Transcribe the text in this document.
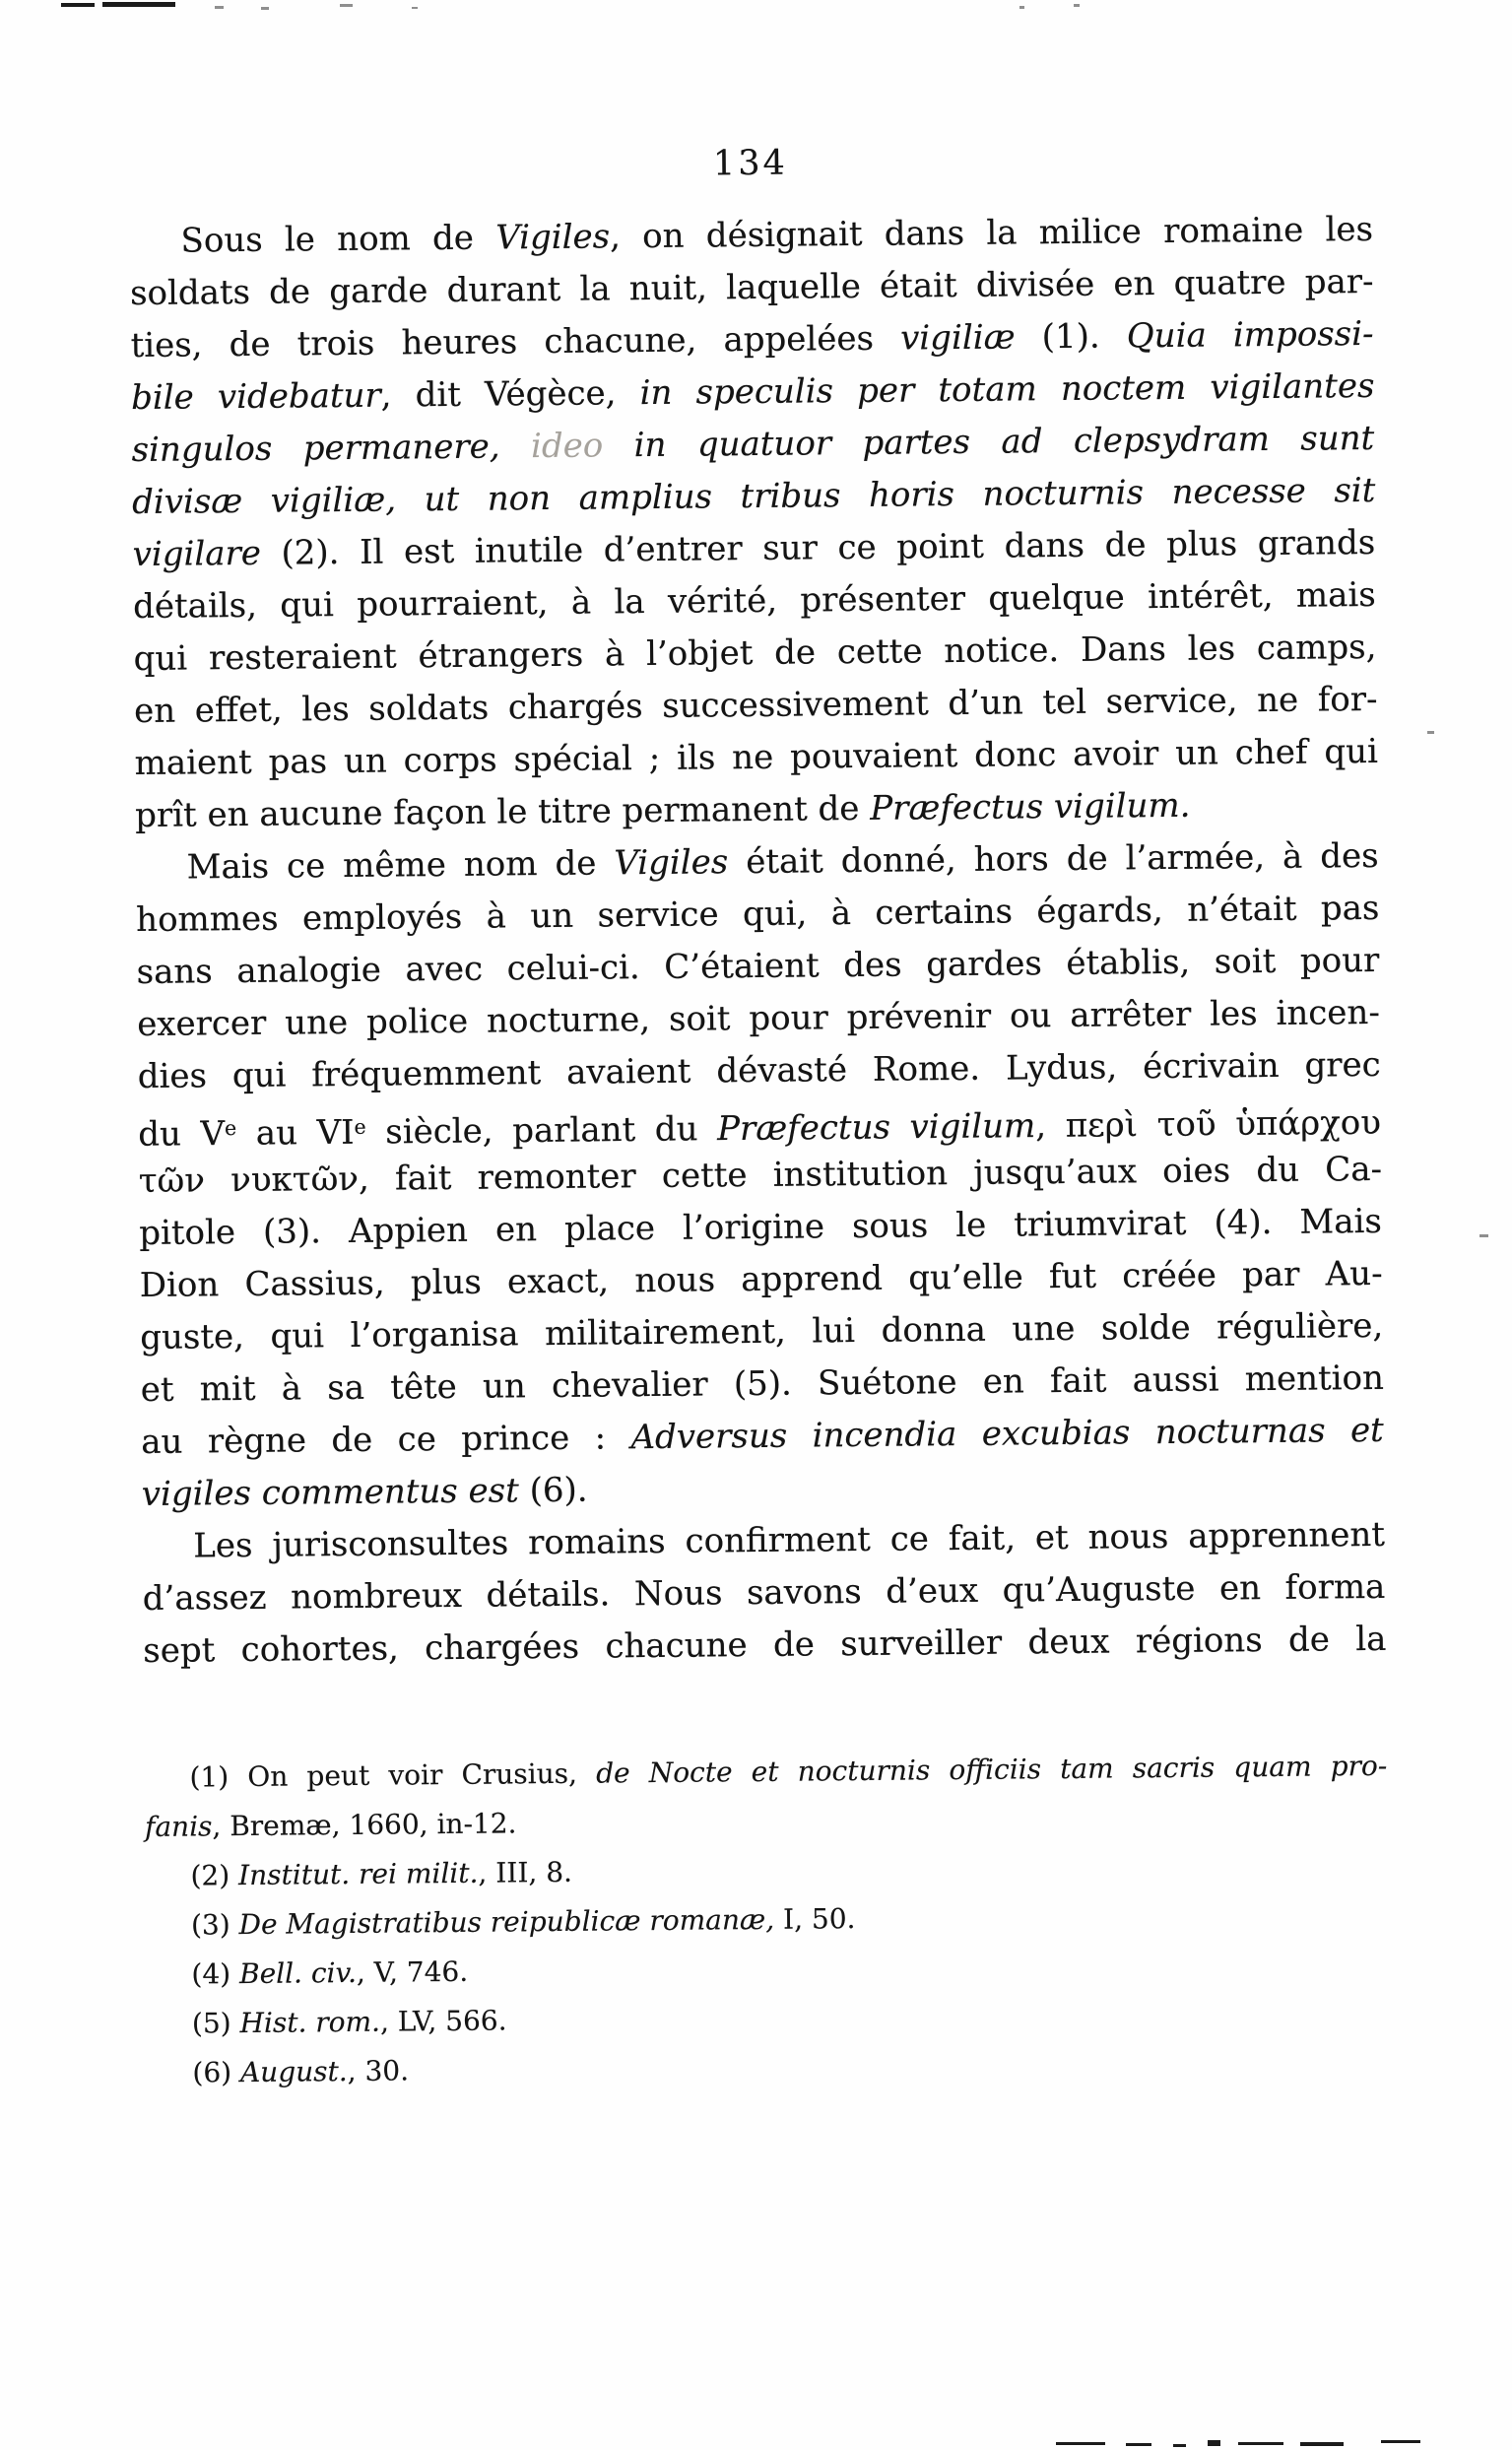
134
Sous le nom de Vigiles, on désignait dans la milice romaine les
soldats de garde durant la nuit, laquelle était divisée en quatre par-
ties, de trois heures chacune, appelées vigiliæ (1). Quia impossi-
bile videbatur, dit Végèce, in speculis per totam noctem vigilantes
singulos permanere, ideo in quatuor partes ad clepsydram sunt
divisæ vigiliæ, ut non amplius tribus horis nocturnis necesse sit
vigilare (2). Il est inutile d’entrer sur ce point dans de plus grands
détails, qui pourraient, à la vérité, présenter quelque intérêt, mais
qui resteraient étrangers à l’objet de cette notice. Dans les camps,
en effet, les soldats chargés successivement d’un tel service, ne for-
maient pas un corps spécial ; ils ne pouvaient donc avoir un chef qui
prît en aucune façon le titre permanent de Præfectus vigilum.
Mais ce même nom de Vigiles était donné, hors de l’armée, à des
hommes employés à un service qui, à certains égards, n’était pas
sans analogie avec celui-ci. C’étaient des gardes établis, soit pour
exercer une police nocturne, soit pour prévenir ou arrêter les incen-
dies qui fréquemment avaient dévasté Rome. Lydus, écrivain grec
du Ve au VIe siècle, parlant du Præfectus vigilum, περὶ τοῦ ὑπάρχου
τῶν νυκτῶν, fait remonter cette institution jusqu’aux oies du Ca-
pitole (3). Appien en place l’origine sous le triumvirat (4). Mais
Dion Cassius, plus exact, nous apprend qu’elle fut créée par Au-
guste, qui l’organisa militairement, lui donna une solde régulière,
et mit à sa tête un chevalier (5). Suétone en fait aussi mention
au règne de ce prince : Adversus incendia excubias nocturnas et
vigiles commentus est (6).
Les jurisconsultes romains confirment ce fait, et nous apprennent
d’assez nombreux détails. Nous savons d’eux qu’Auguste en forma
sept cohortes, chargées chacune de surveiller deux régions de la
(1) On peut voir Crusius, de Nocte et nocturnis officiis tam sacris quam pro-
fanis, Bremæ, 1660, in-12.
(2) Institut. rei milit., III, 8.
(3) De Magistratibus reipublicæ romanæ, I, 50.
(4) Bell. civ., V, 746.
(5) Hist. rom., LV, 566.
(6) August., 30.
